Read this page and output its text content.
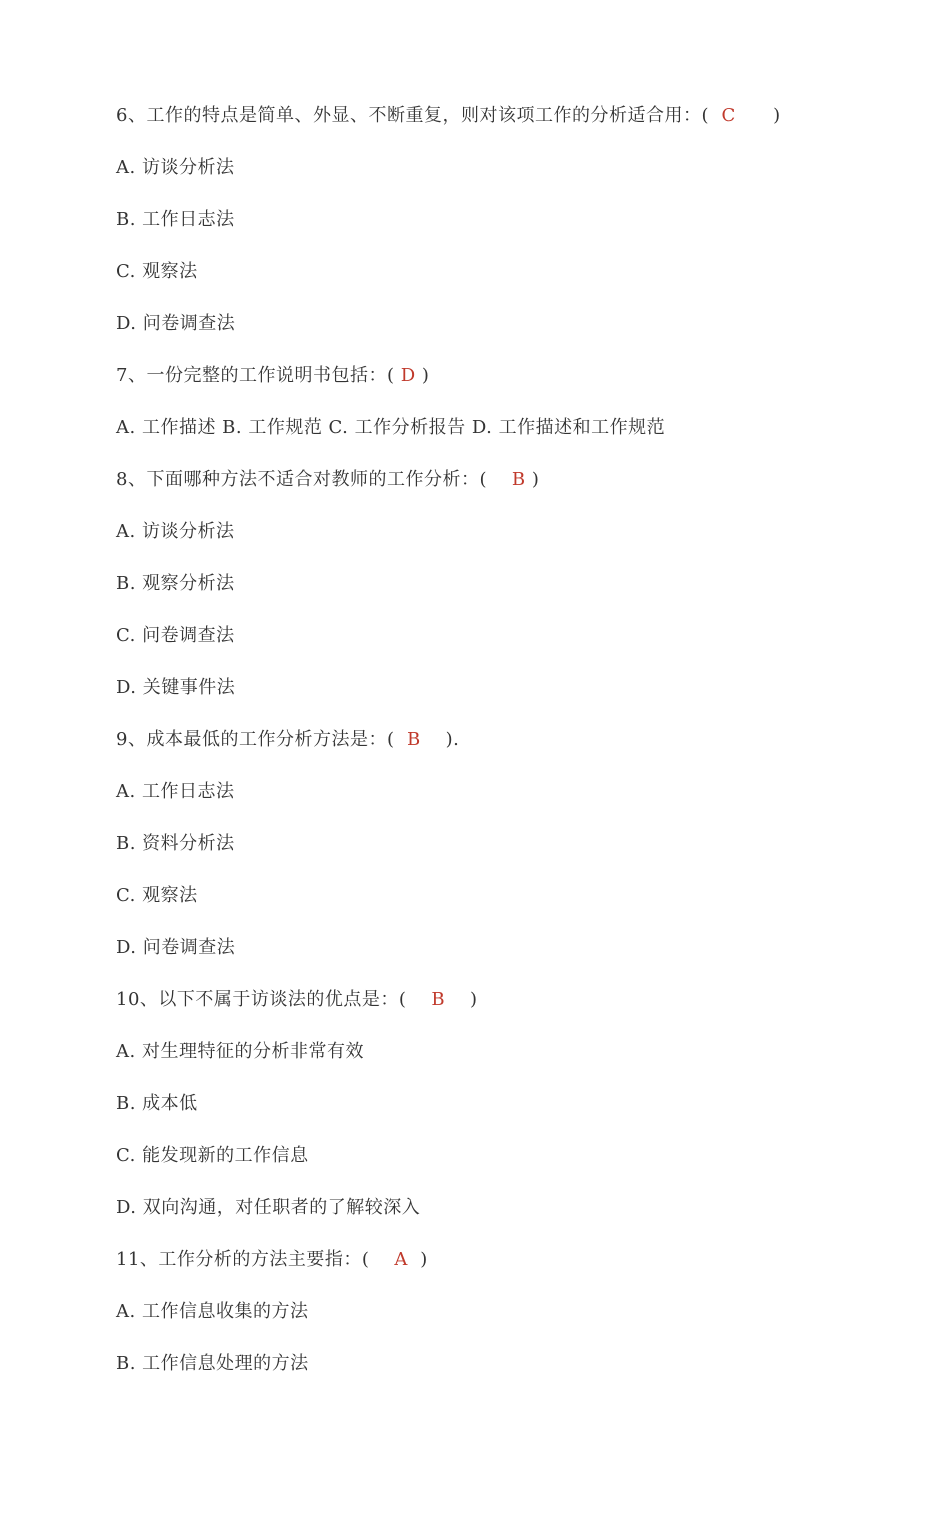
6、工作的特点是简单、外显、不断重复，则对该项工作的分析适合用：( C )
A. 访谈分析法
B. 工作日志法
C. 观察法
D. 问卷调查法
7、一份完整的工作说明书包括：( D )
A. 工作描述 B. 工作规范 C. 工作分析报告 D. 工作描述和工作规范
8、下面哪种方法不适合对教师的工作分析：( B )
A. 访谈分析法
B. 观察分析法
C. 问卷调查法
D. 关键事件法
9、成本最低的工作分析方法是：( B ).
A. 工作日志法
B. 资料分析法
C. 观察法
D. 问卷调查法
10、以下不属于访谈法的优点是：( B )
A. 对生理特征的分析非常有效
B. 成本低
C. 能发现新的工作信息
D. 双向沟通，对任职者的了解较深入
11、工作分析的方法主要指：( A )
A. 工作信息收集的方法
B. 工作信息处理的方法
